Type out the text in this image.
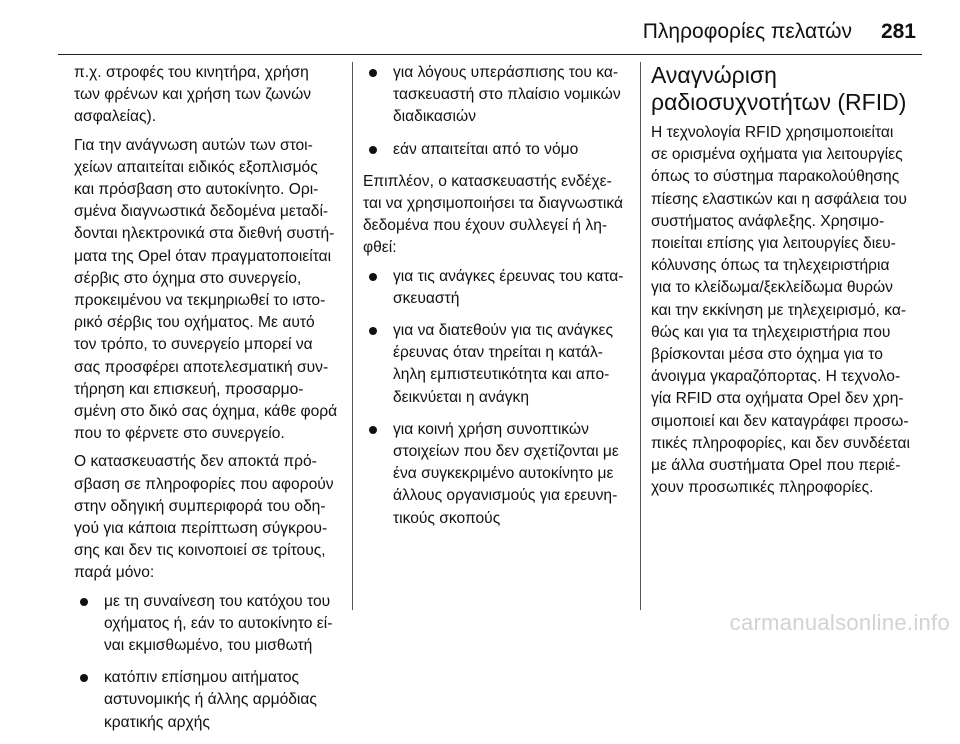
Πληροφορίες πελατών 281

π.χ. στροφές του κινητήρα, χρήση
των φρένων και χρήση των ζωνών
ασφαλείας).

Για την ανάγνωση αυτών των στοι‐
χείων απαιτείται ειδικός εξοπλισμός
και πρόσβαση στο αυτοκίνητο. Ορι‐
σμένα διαγνωστικά δεδομένα μεταδί‐
δονται ηλεκτρονικά στα διεθνή συστή‐
ματα της Opel όταν πραγματοποιείται
σέρβις στο όχημα στο συνεργείο,
προκειμένου να τεκμηριωθεί το ιστο‐
ρικό σέρβις του οχήματος. Με αυτό
τον τρόπο, το συνεργείο μπορεί να
σας προσφέρει αποτελεσματική συν‐
τήρηση και επισκευή, προσαρμο‐
σμένη στο δικό σας όχημα, κάθε φορά
που το φέρνετε στο συνεργείο.

Ο κατασκευαστής δεν αποκτά πρό‐
σβαση σε πληροφορίες που αφορούν
στην οδηγική συμπεριφορά του οδη‐
γού για κάποια περίπτωση σύγκρου‐
σης και δεν τις κοινοποιεί σε τρίτους,
παρά μόνο:

με τη συναίνεση του κατόχου του
οχήματος ή, εάν το αυτοκίνητο εί‐
ναι εκμισθωμένο, του μισθωτή
κατόπιν επίσημου αιτήματος
αστυνομικής ή άλλης αρμόδιας
κρατικής αρχής
για λόγους υπεράσπισης του κα‐
τασκευαστή στο πλαίσιο νομικών
διαδικασιών
εάν απαιτείται από το νόμο

Επιπλέον, ο κατασκευαστής ενδέχε‐
ται να χρησιμοποιήσει τα διαγνωστικά
δεδομένα που έχουν συλλεγεί ή λη‐
φθεί:

για τις ανάγκες έρευνας του κατα‐
σκευαστή
για να διατεθούν για τις ανάγκες
έρευνας όταν τηρείται η κατάλ‐
ληλη εμπιστευτικότητα και απο‐
δεικνύεται η ανάγκη
για κοινή χρήση συνοπτικών
στοιχείων που δεν σχετίζονται με
ένα συγκεκριμένο αυτοκίνητο με
άλλους οργανισμούς για ερευνη‐
τικούς σκοπούς
Αναγνώριση
ραδιοσυχνοτήτων (RFID)

Η τεχνολογία RFID χρησιμοποιείται
σε ορισμένα οχήματα για λειτουργίες
όπως το σύστημα παρακολούθησης
πίεσης ελαστικών και η ασφάλεια του
συστήματος ανάφλεξης. Χρησιμο‐
ποιείται επίσης για λειτουργίες διευ‐
κόλυνσης όπως τα τηλεχειριστήρια
για το κλείδωμα/ξεκλείδωμα θυρών
και την εκκίνηση με τηλεχειρισμό, κα‐
θώς και για τα τηλεχειριστήρια που
βρίσκονται μέσα στο όχημα για το
άνοιγμα γκαραζόπορτας. Η τεχνολο‐
γία RFID στα οχήματα Opel δεν χρη‐
σιμοποιεί και δεν καταγράφει προσω‐
πικές πληροφορίες, και δεν συνδέεται
με άλλα συστήματα Opel που περιέ‐
χουν προσωπικές πληροφορίες.

carmanualsonline.info
